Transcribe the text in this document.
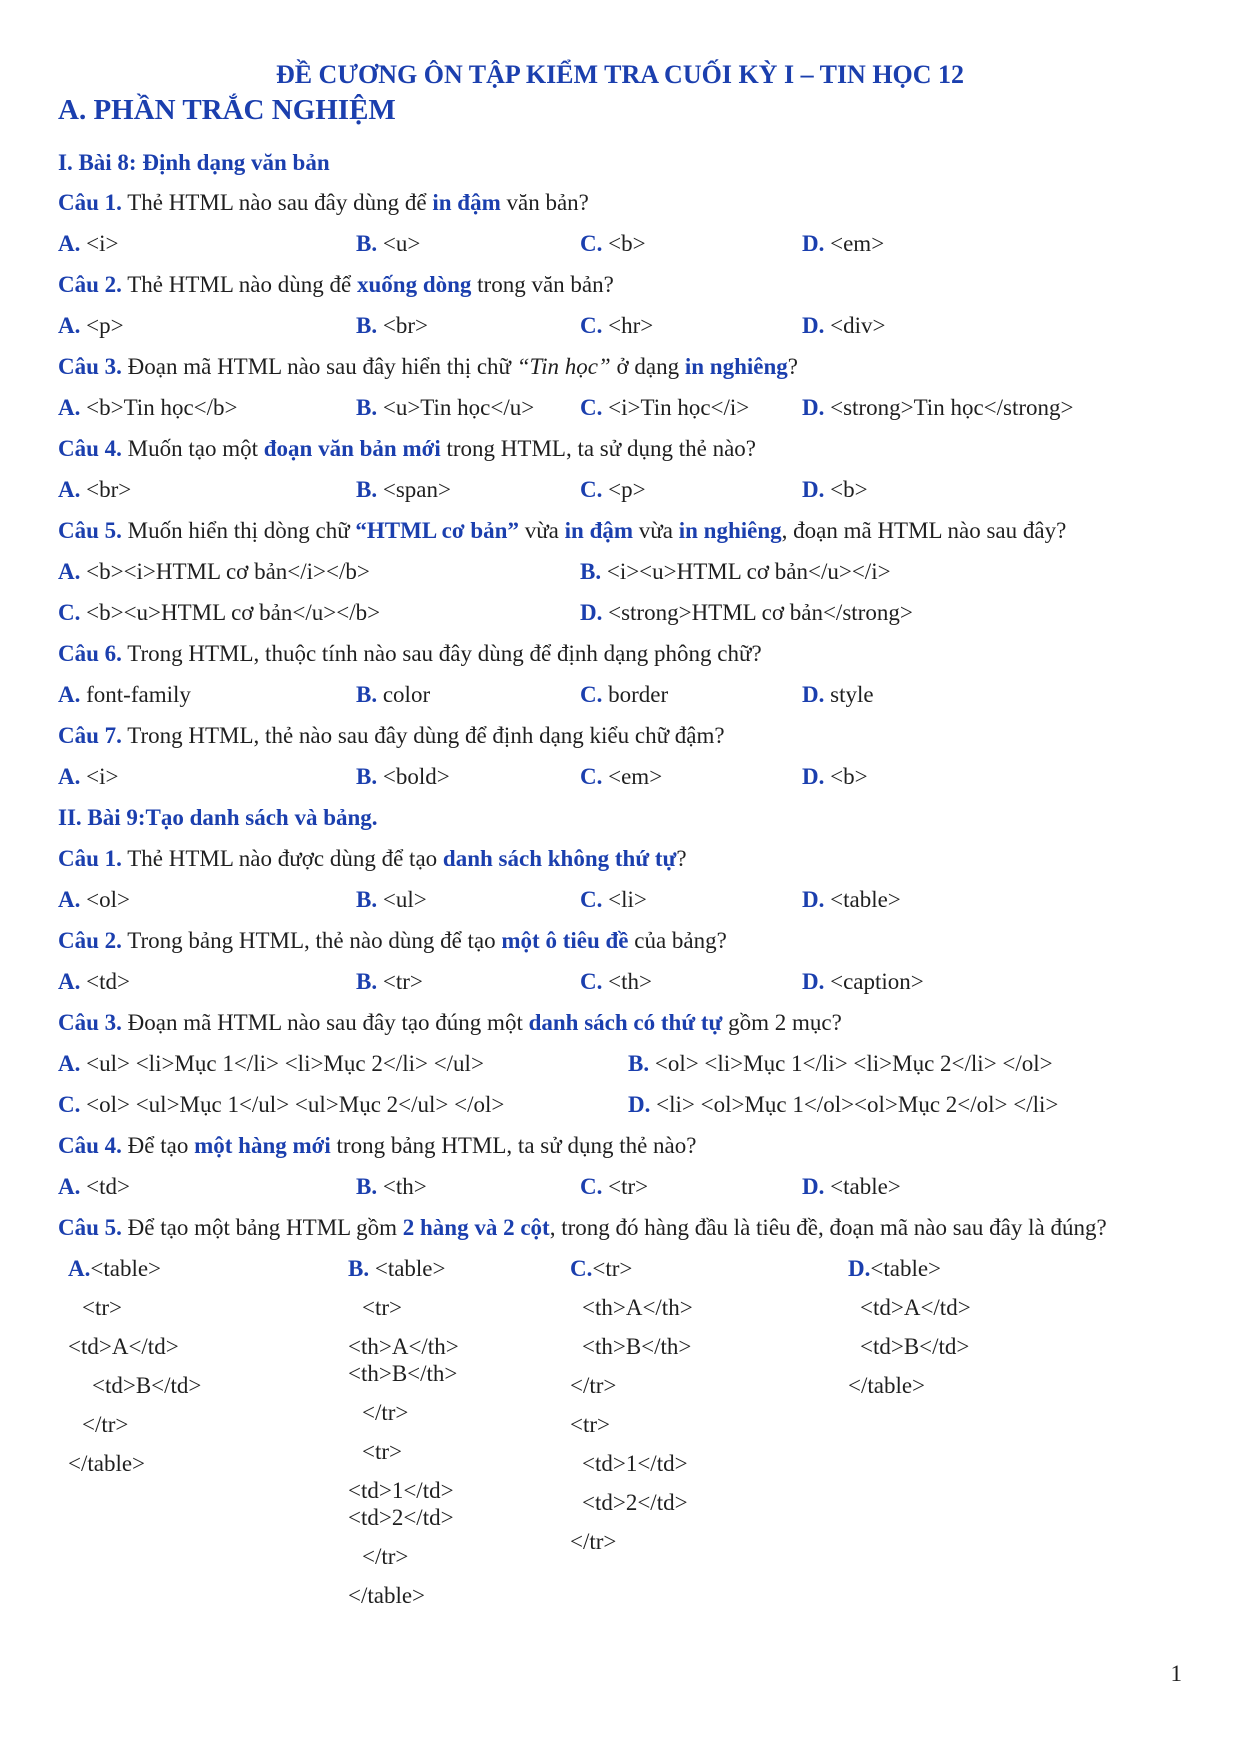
ĐỀ CƯƠNG ÔN TẬP KIỂM TRA CUỐI KỲ I – TIN HỌC 12
A. PHẦN TRẮC NGHIỆM
I. Bài 8: Định dạng văn bản
Câu 1. Thẻ HTML nào sau đây dùng để in đậm văn bản?
A. <i>	B. <u>	C. <b>	D. <em>
Câu 2. Thẻ HTML nào dùng để xuống dòng trong văn bản?
A. <p>	B. <br>	C. <hr>	D. <div>
Câu 3. Đoạn mã HTML nào sau đây hiển thị chữ “Tin học” ở dạng in nghiêng?
A. <b>Tin học</b>	B. <u>Tin học</u> C. <i>Tin học</i> D. <strong>Tin học</strong>
Câu 4. Muốn tạo một đoạn văn bản mới trong HTML, ta sử dụng thẻ nào?
A. <br>	B. <span>	C. <p>	D. <b>
Câu 5. Muốn hiển thị dòng chữ “HTML cơ bản” vừa in đậm vừa in nghiêng, đoạn mã HTML nào sau đây?
A. <b><i>HTML cơ bản</i></b>	B. <i><u>HTML cơ bản</u></i>
C. <b><u>HTML cơ bản</u></b>	D. <strong>HTML cơ bản</strong>
Câu 6. Trong HTML, thuộc tính nào sau đây dùng để định dạng phông chữ?
A. font-family	B. color	C. border	D. style
Câu 7. Trong HTML, thẻ nào sau đây dùng để định dạng kiểu chữ đậm?
A. <i>	B. <bold>	C. <em>	D. <b>
II. Bài 9:Tạo danh sách và bảng.
Câu 1. Thẻ HTML nào được dùng để tạo danh sách không thứ tự?
A. <ol>	B. <ul>	C. <li>	D. <table>
Câu 2. Trong bảng HTML, thẻ nào dùng để tạo một ô tiêu đề của bảng?
A. <td>	B. <tr>	C. <th>	D. <caption>
Câu 3. Đoạn mã HTML nào sau đây tạo đúng một danh sách có thứ tự gồm 2 mục?
A. <ul> <li>Mục 1</li> <li>Mục 2</li> </ul>	B. <ol> <li>Mục 1</li> <li>Mục 2</li> </ol>
C. <ol> <ul>Mục 1</ul> <ul>Mục 2</ul> </ol>	D. <li> <ol>Mục 1</ol><ol>Mục 2</ol> </li>
Câu 4. Để tạo một hàng mới trong bảng HTML, ta sử dụng thẻ nào?
A. <td>	B. <th>	C. <tr>	D. <table>
Câu 5. Để tạo một bảng HTML gồm 2 hàng và 2 cột, trong đó hàng đầu là tiêu đề, đoạn mã nào sau đây là đúng?
A.<table>
<tr>
<td>A</td>
<td>B</td>
</tr>
</table>
B. <table>
<tr>
<th>A</th>
<th>B</th>
</tr>
<tr>
<td>1</td>
<td>2</td>
</tr>
</table>
C.<tr>
<th>A</th>
<th>B</th>
</tr>
<tr>
<td>1</td>
<td>2</td>
</tr>
D.<table>
<td>A</td>
<td>B</td>
</table>
1
